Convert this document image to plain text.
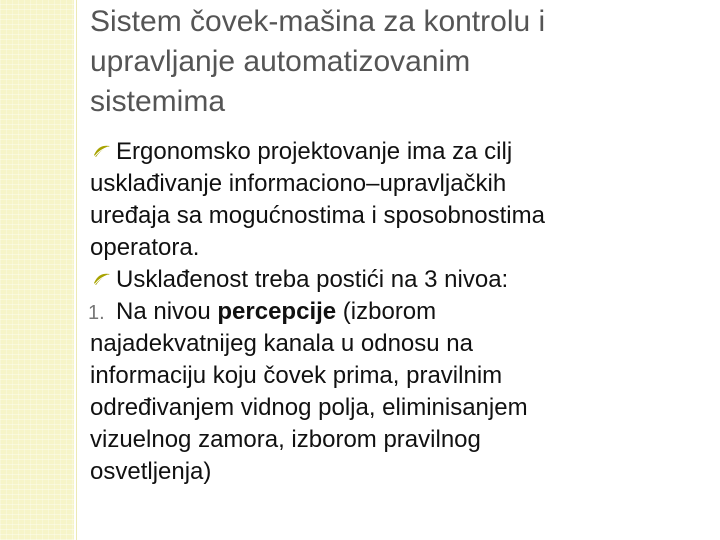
Sistem čovek-mašina za kontrolu i
upravljanje automatizovanim
sistemima
Ergonomsko projektovanje ima za cilj
usklađivanje informaciono–upravljačkih
uređaja sa mogućnostima i sposobnostima
operatora.
Usklađenost treba postići na 3 nivoa:
1. Na nivou percepcije (izborom
najadekvatnijeg kanala u odnosu na
informaciju koju čovek prima, pravilnim
određivanjem vidnog polja, eliminisanjem
vizuelnog zamora, izborom pravilnog
osvetljenja)
